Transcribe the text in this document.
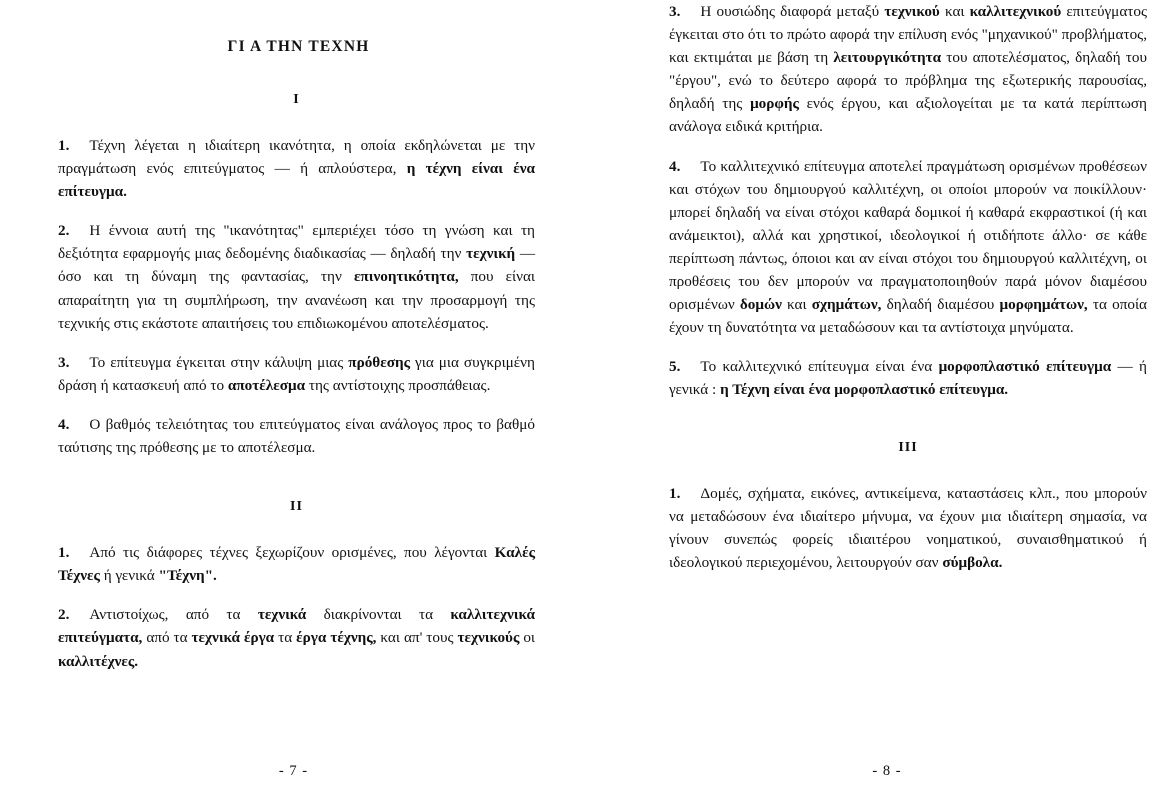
ΓΙ Α ΤΗΝ ΤΕΧΝΗ
I

1. Τέχνη λέγεται η ιδιαίτερη ικανότητα, η οποία εκδηλώνεται με την πραγμάτωση ενός επιτεύγματος — ή απλούστερα, η τέχνη είναι ένα επίτευγμα.

2. Η έννοια αυτή της "ικανότητας" εμπεριέχει τόσο τη γνώση και τη δεξιότητα εφαρμογής μιας δεδομένης διαδικασίας — δηλαδή την τεχνική — όσο και τη δύναμη της φαντασίας, την επινοητικότητα, που είναι απαραίτητη για τη συμπλήρωση, την ανανέωση και την προσαρμογή της τεχνικής στις εκάστοτε απαιτήσεις του επιδιωκομένου αποτελέσματος.

3. Το επίτευγμα έγκειται στην κάλυψη μιας πρόθεσης για μια συγκριμένη δράση ή κατασκευή από το αποτέλεσμα της αντίστοιχης προσπάθειας.

4. Ο βαθμός τελειότητας του επιτεύγματος είναι ανάλογος προς το βαθμό ταύτισης της πρόθεσης με το αποτέλεσμα.

II

1. Από τις διάφορες τέχνες ξεχωρίζουν ορισμένες, που λέγονται Καλές Τέχνες ή γενικά "Τέχνη".

2. Αντιστοίχως, από τα τεχνικά διακρίνονται τα καλλιτεχνικά επιτεύγματα, από τα τεχνικά έργα τα έργα τέχνης, και απ' τους τεχνικούς οι καλλιτέχνες.

- 7 -

3. Η ουσιώδης διαφορά μεταξύ τεχνικού και καλλιτεχνικού επιτεύγματος έγκειται στο ότι το πρώτο αφορά την επίλυση ενός "μηχανικού" προβλήματος, και εκτιμάται με βάση τη λειτουργικότητα του αποτελέσματος, δηλαδή του "έργου", ενώ το δεύτερο αφορά το πρόβλημα της εξωτερικής παρουσίας, δηλαδή της μορφής ενός έργου, και αξιολογείται με τα κατά περίπτωση ανάλογα ειδικά κριτήρια.

4. Το καλλιτεχνικό επίτευγμα αποτελεί πραγμάτωση ορισμένων προθέσεων και στόχων του δημιουργού καλλιτέχνη, οι οποίοι μπορούν να ποικίλλουν· μπορεί δηλαδή να είναι στόχοι καθαρά δομικοί ή καθαρά εκφραστικοί (ή και ανάμεικτοι), αλλά και χρηστικοί, ιδεολογικοί ή οτιδήποτε άλλο· σε κάθε περίπτωση πάντως, όποιοι και αν είναι στόχοι του δημιουργού καλλιτέχνη, οι προθέσεις του δεν μπορούν να πραγματοποιηθούν παρά μόνον διαμέσου ορισμένων δομών και σχημάτων, δηλαδή διαμέσου μορφημάτων, τα οποία έχουν τη δυνατότητα να μεταδώσουν και τα αντίστοιχα μηνύματα.

5. Το καλλιτεχνικό επίτευγμα είναι ένα μορφοπλαστικό επίτευγμα — ή γενικά : η Τέχνη είναι ένα μορφοπλαστικό επίτευγμα.

III

1. Δομές, σχήματα, εικόνες, αντικείμενα, καταστάσεις κλπ., που μπορούν να μεταδώσουν ένα ιδιαίτερο μήνυμα, να έχουν μια ιδιαίτερη σημασία, να γίνουν συνεπώς φορείς ιδιαιτέρου νοηματικού, συναισθηματικού ή ιδεολογικού περιεχομένου, λειτουργούν σαν σύμβολα.

- 8 -
